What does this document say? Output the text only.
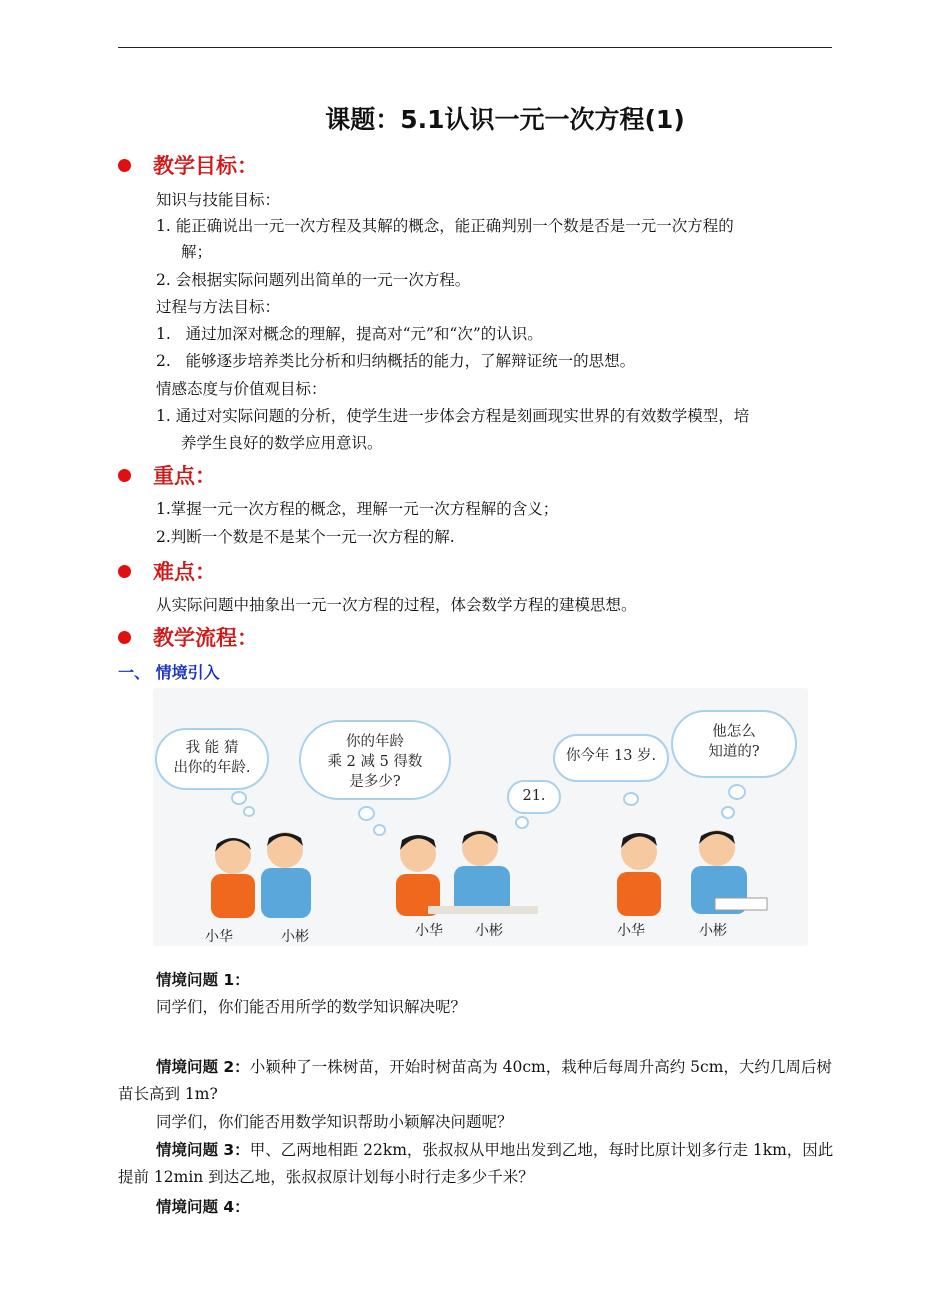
课题：5.1认识一元一次方程(1)
教学目标：
知识与技能目标：
1. 能正确说出一元一次方程及其解的概念，能正确判别一个数是否是一元一次方程的
解；
2. 会根据实际问题列出简单的一元一次方程。
过程与方法目标：
1.   通过加深对概念的理解，提高对“元”和“次”的认识。
2.   能够逐步培养类比分析和归纳概括的能力，了解辩证统一的思想。
情感态度与价值观目标：
1. 通过对实际问题的分析，使学生进一步体会方程是刻画现实世界的有效数学模型，培
养学生良好的数学应用意识。
重点：
1.掌握一元一次方程的概念，理解一元一次方程解的含义；
2.判断一个数是不是某个一元一次方程的解.
难点：
从实际问题中抽象出一元一次方程的过程，体会数学方程的建模思想。
教学流程：
一、 情境引入
我 能 猜
出你的年龄.
你的年龄
乘 2 减 5 得数
是多少?
21.
你今年 13 岁.
他怎么
知道的?
小华	小彬	小华 小彬	小华	小彬
情境问题 1：
同学们，你们能否用所学的数学知识解决呢？
情境问题 2：小颖种了一株树苗，开始时树苗高为 40cm，栽种后每周升高约 5cm，大约几周后树苗长高到 1m?
同学们，你们能否用数学知识帮助小颖解决问题呢？
情境问题 3：甲、乙两地相距 22km，张叔叔从甲地出发到乙地，每时比原计划多行走 1km，因此提前 12min 到达乙地，张叔叔原计划每小时行走多少千米？
情境问题 4：
